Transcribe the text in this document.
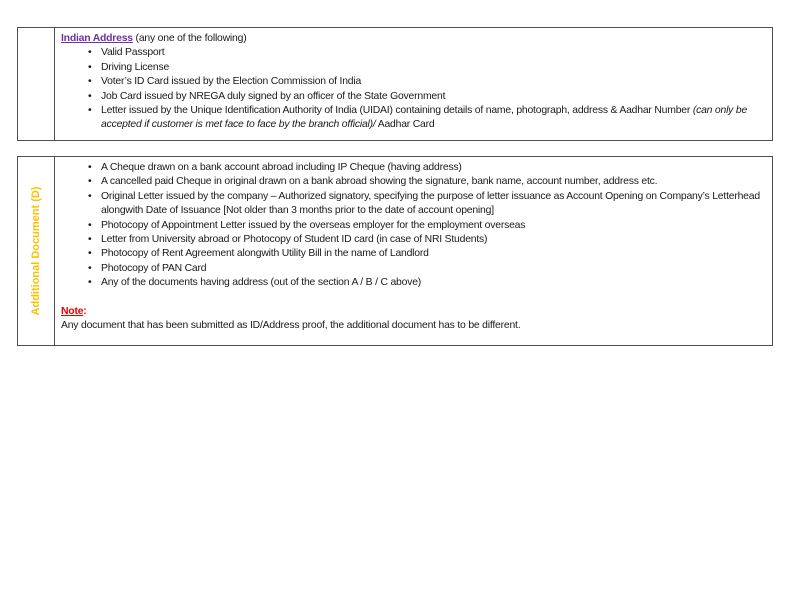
Indian Address (any one of the following)
• Valid Passport
• Driving License
• Voter’s ID Card issued by the Election Commission of India
• Job Card issued by NREGA duly signed by an officer of the State Government
• Letter issued by the Unique Identification Authority of India (UIDAI) containing details of name, photograph, address & Aadhar Number (can only be accepted if customer is met face to face by the branch official)/ Aadhar Card
Additional Document (D)
• A Cheque drawn on a bank account abroad including IP Cheque (having address)
• A cancelled paid Cheque in original drawn on a bank abroad showing the signature, bank name, account number, address etc.
• Original Letter issued by the company – Authorized signatory, specifying the purpose of letter issuance as Account Opening on Company’s Letterhead alongwith Date of Issuance [Not older than 3 months prior to the date of account opening]
• Photocopy of Appointment Letter issued by the overseas employer for the employment overseas
• Letter from University abroad or Photocopy of Student ID card (in case of NRI Students)
• Photocopy of Rent Agreement alongwith Utility Bill in the name of Landlord
• Photocopy of PAN Card
• Any of the documents having address (out of the section A / B / C above)
Note:
Any document that has been submitted as ID/Address proof, the additional document has to be different.
